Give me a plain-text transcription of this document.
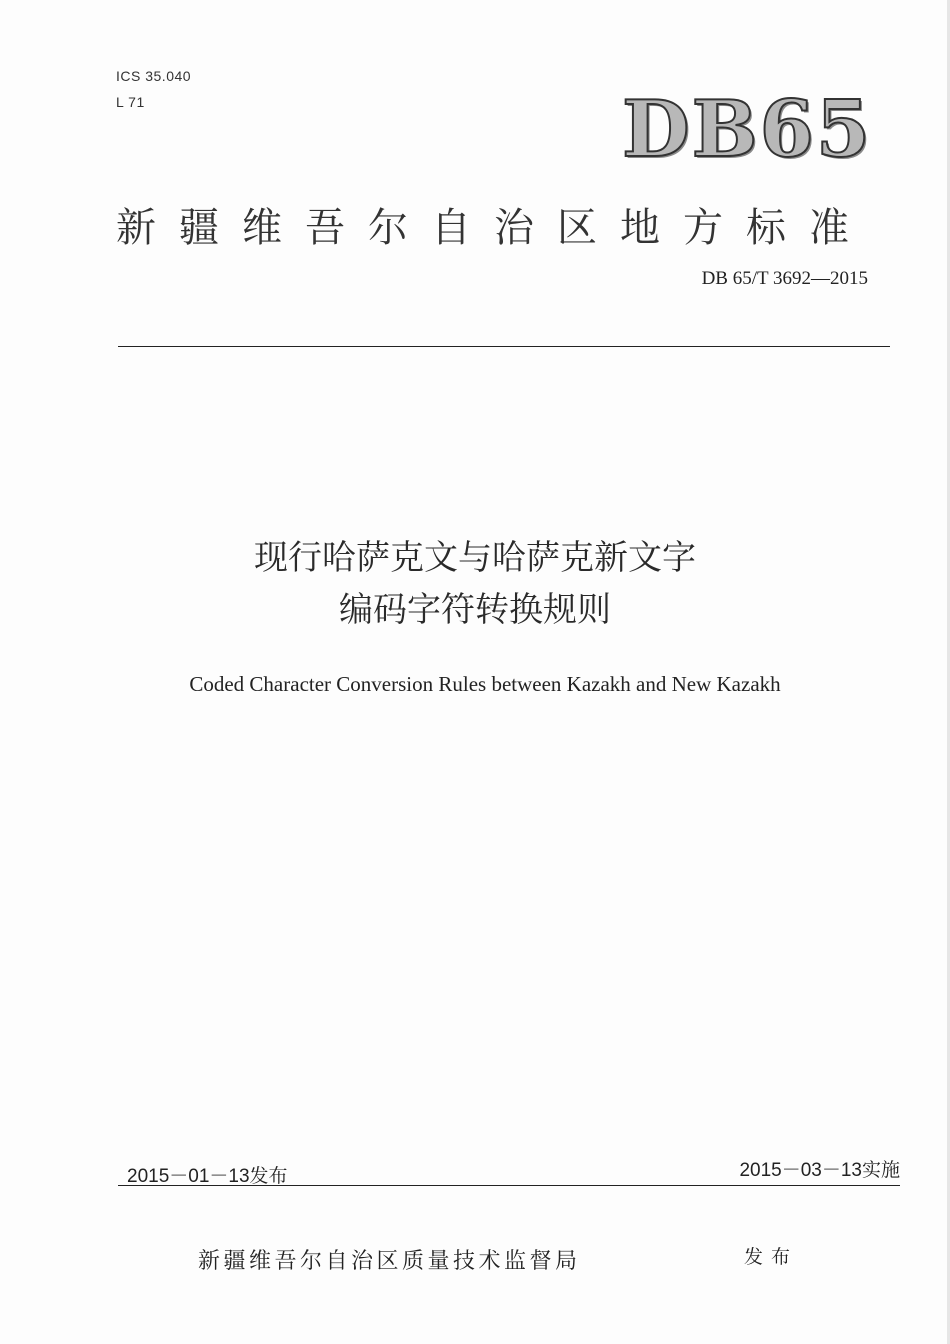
ICS 35.040
L 71	DB65
新疆维吾尔自治区地方标准
DB 65/T 3692—2015
现行哈萨克文与哈萨克新文字
编码字符转换规则
Coded Character Conversion Rules between Kazakh and New Kazakh
2015－01－13发布	2015－03－13实施
新疆维吾尔自治区质量技术监督局	发布
